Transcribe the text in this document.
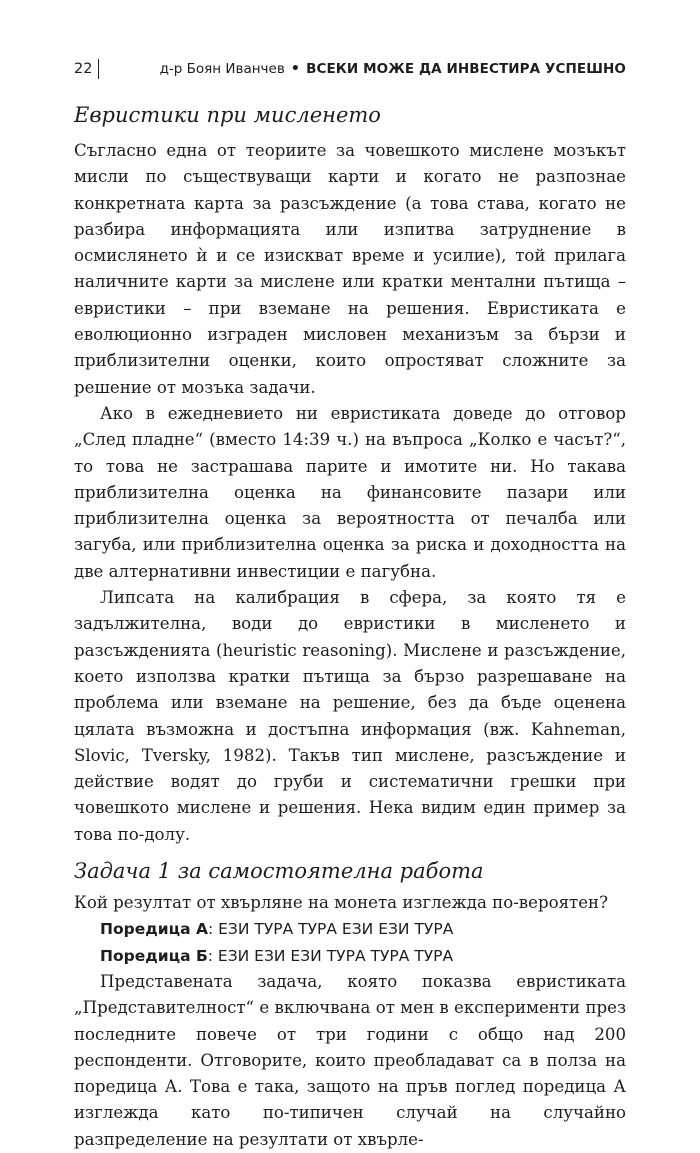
22	д-р Боян Иванчев • ВСЕКИ МОЖЕ ДА ИНВЕСТИРА УСПЕШНО
Евристики при мисленето

Съгласно една от теориите за човешкото мислене мозъкът мисли по съществуващи карти и когато не разпознае конкретната карта за разсъждение (а това става, когато не разбира информацията или изпитва затруднение в осмислянето ѝ и се изискват време и усилие), той прилага наличните карти за мислене или кратки ментални пътища – евристики – при вземане на решения. Евристиката е еволюционно изграден мисловен механизъм за бързи и приблизителни оценки, които опростяват сложните за решение от мозъка задачи.

Ако в ежедневието ни евристиката доведе до отговор „След пладне“ (вместо 14:39 ч.) на въпроса „Колко е часът?“, то това не застрашава парите и имотите ни. Но такава приблизителна оценка на финансовите пазари или приблизителна оценка за вероятността от печалба или загуба, или приблизителна оценка за риска и доходността на две алтернативни инвестиции е пагубна.

Липсата на калибрация в сфера, за която тя е задължителна, води до евристики в мисленето и разсъжденията (heuristic reasoning). Мислене и разсъждение, което използва кратки пътища за бързо разрешаване на проблема или вземане на решение, без да бъде оценена цялата възможна и достъпна информация (вж. Kahneman, Slovic, Tversky, 1982). Такъв тип мислене, разсъждение и действие водят до груби и систематични грешки при човешкото мислене и решения. Нека видим един пример за това по-долу.

Задача 1 за самостоятелна работа

Кой резултат от хвърляне на монета изглежда по-вероятен?

Поредица А: ЕЗИ ТУРА ТУРА ЕЗИ ЕЗИ ТУРА

Поредица Б: ЕЗИ ЕЗИ ЕЗИ ТУРА ТУРА ТУРА

Представената задача, която показва евристиката „Представителност“ е включвана от мен в експерименти през последните повече от три години с общо над 200 респонденти. Отговорите, които преобладават са в полза на поредица А. Това е така, защото на пръв поглед поредица А изглежда като по-типичен случай на случайно разпределение на резултати от хвърле-
